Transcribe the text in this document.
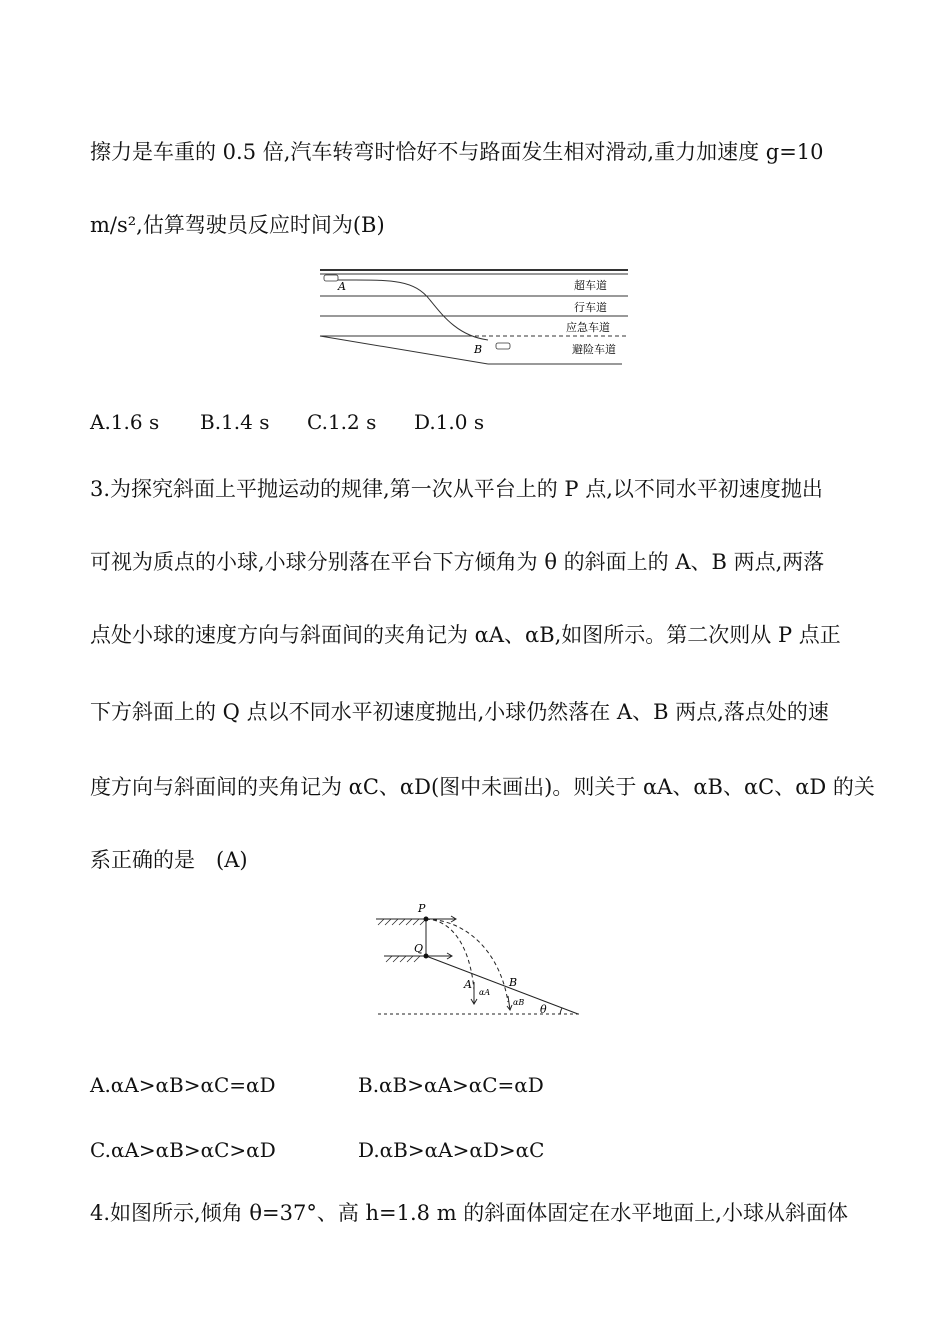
擦力是车重的 0.5 倍,汽车转弯时恰好不与路面发生相对滑动,重力加速度 g=10
m/s²,估算驾驶员反应时间为(B)
A
B
超车道
行车道
应急车道
避险车道
A.1.6 s B.1.4 s C.1.2 s D.1.0 s
3.为探究斜面上平抛运动的规律,第一次从平台上的 P 点,以不同水平初速度抛出
可视为质点的小球,小球分别落在平台下方倾角为 θ 的斜面上的 A、B 两点,两落
点处小球的速度方向与斜面间的夹角记为 αA、αB,如图所示。第二次则从 P 点正
下方斜面上的 Q 点以不同水平初速度抛出,小球仍然落在 A、B 两点,落点处的速
度方向与斜面间的夹角记为 αC、αD(图中未画出)。则关于 αA、αB、αC、αD 的关
系正确的是　(A)
P
Q
A	B
αA
αB
θ
A.αA>αB>αC=αD	B.αB>αA>αC=αD
C.αA>αB>αC>αD	D.αB>αA>αD>αC
4.如图所示,倾角 θ=37°、高 h=1.8 m 的斜面体固定在水平地面上,小球从斜面体
